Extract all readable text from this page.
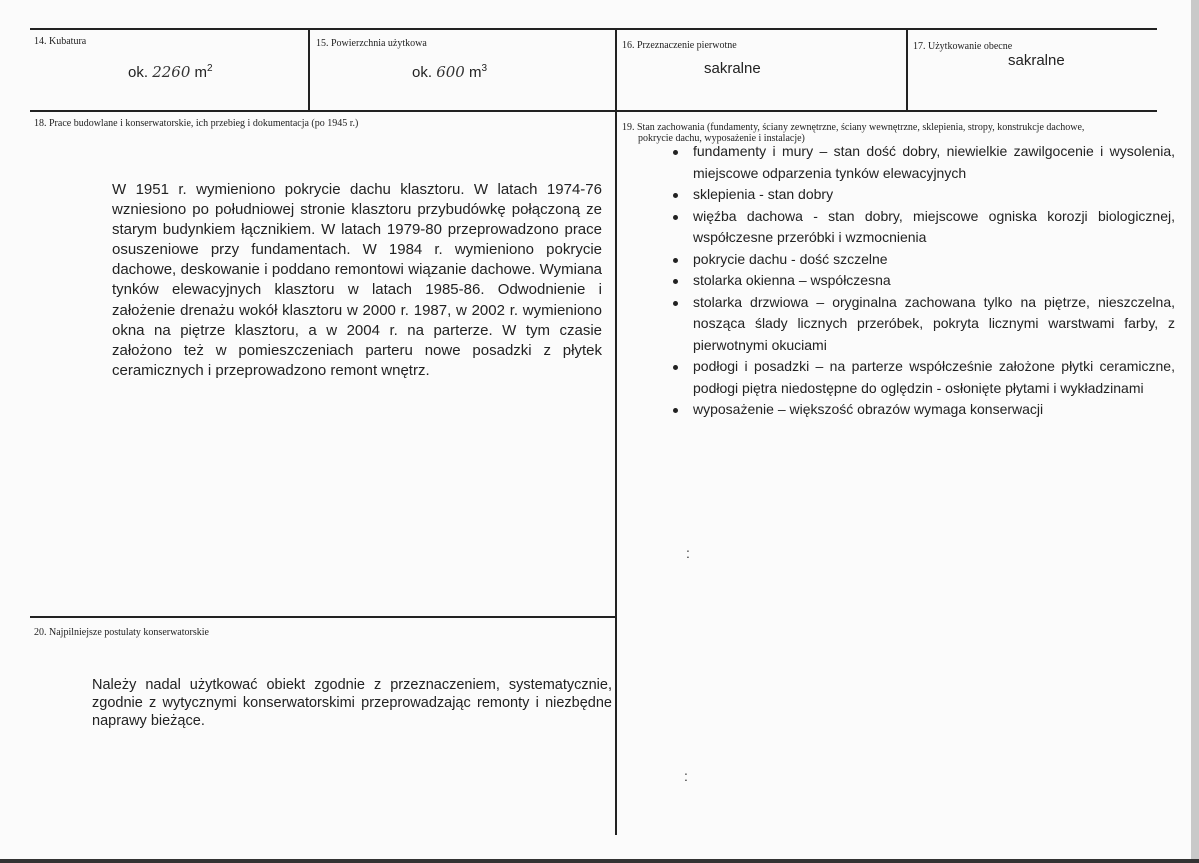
14. Kubatura
ok. 2260 $m^2$
15. Powierzchnia użytkowa
ok. 600 $m^3$
16. Przeznaczenie pierwotne
sakralne
17. Użytkowanie obecne
sakralne
18. Prace budowlane i konserwatorskie, ich przebieg i dokumentacja (po 1945 r.)
W 1951 r. wymieniono pokrycie dachu klasztoru. W latach 1974-76 wzniesiono po południowej stronie klasztoru przybudówkę połączoną ze starym budynkiem łącznikiem. W latach 1979-80 przeprowadzono prace osuszeniowe przy fundamentach. W 1984 r. wymieniono pokrycie dachowe, deskowanie i poddano remontowi wiązanie dachowe. Wymiana tynków elewacyjnych klasztoru w latach 1985-86. Odwodnienie i założenie drenażu wokół klasztoru w 2000 r. 1987, w 2002 r. wymieniono okna na piętrze klasztoru, a w 2004 r. na parterze. W tym czasie założono też w pomieszczeniach parteru nowe posadzki z płytek ceramicznych i przeprowadzono remont wnętrz.
19. Stan zachowania (fundamenty, ściany zewnętrzne, ściany wewnętrzne, sklepienia, stropy, konstrukcje dachowe,
pokrycie dachu, wyposażenie i instalacje)
fundamenty i mury – stan dość dobry, niewielkie zawilgocenie i wysolenia, miejscowe odparzenia tynków elewacyjnych
sklepienia - stan dobry
więźba dachowa - stan dobry, miejscowe ogniska korozji biologicznej, współczesne przeróbki i wzmocnienia
pokrycie dachu - dość szczelne
stolarka okienna – współczesna
stolarka drzwiowa – oryginalna zachowana tylko na piętrze, nieszczelna, nosząca ślady licznych przeróbek, pokryta licznymi warstwami farby, z pierwotnymi okuciami
podłogi i posadzki – na parterze współcześnie założone płytki ceramiczne, podłogi piętra niedostępne do oględzin - osłonięte płytami i wykładzinami
wyposażenie – większość obrazów wymaga konserwacji
:
:
20. Najpilniejsze postulaty konserwatorskie
Należy nadal użytkować obiekt zgodnie z przeznaczeniem, systematycznie, zgodnie z wytycznymi konserwatorskimi przeprowadzając remonty i niezbędne naprawy bieżące.
